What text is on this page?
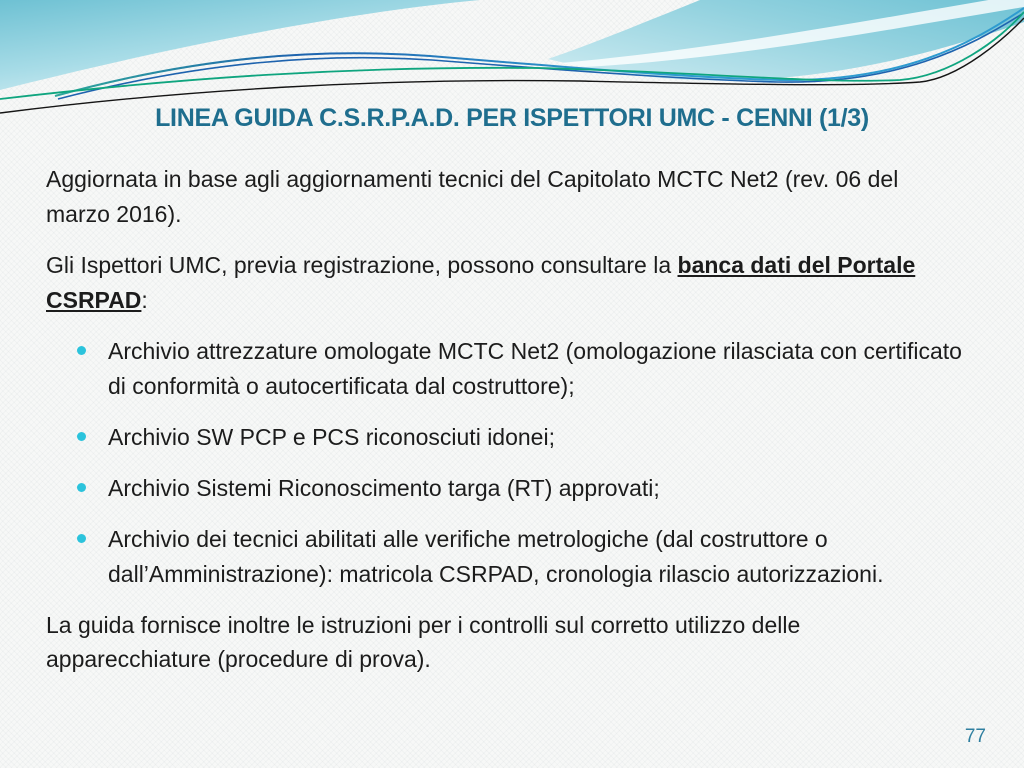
LINEA GUIDA C.S.R.P.A.D. PER ISPETTORI UMC - CENNI (1/3)
Aggiornata in base agli aggiornamenti tecnici del Capitolato MCTC Net2 (rev. 06 del marzo 2016).
Gli Ispettori UMC, previa registrazione, possono consultare la banca dati del Portale CSRPAD:
Archivio attrezzature omologate MCTC Net2 (omologazione rilasciata con certificato di conformità o autocertificata dal costruttore);
Archivio SW PCP e PCS riconosciuti idonei;
Archivio Sistemi Riconoscimento targa (RT) approvati;
Archivio dei tecnici abilitati alle verifiche metrologiche (dal costruttore o dall’Amministrazione): matricola CSRPAD, cronologia rilascio autorizzazioni.
La guida fornisce inoltre le istruzioni per i controlli sul corretto utilizzo delle apparecchiature (procedure di prova).
77
